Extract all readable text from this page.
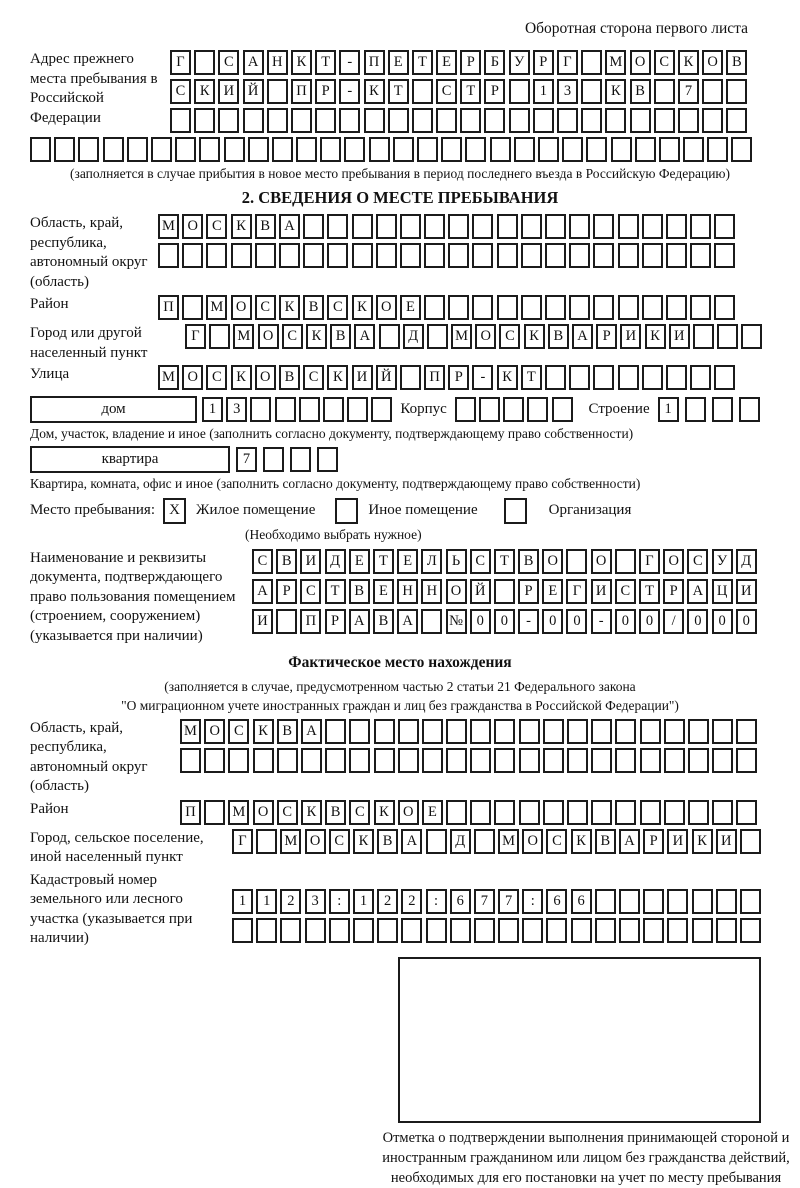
Оборотная сторона первого листа
Адрес прежнего места пребывания в Российской Федерации
Г	С А Н К	Т	-	П	Е	Т	Е	Р	Б	У	Р	Г	М О С	К О В
С	К И Й	П	Р	-	К	Т	С	Т	Р	1	3	К	В	7
(заполняется в случае прибытия в новое место пребывания в период последнего въезда в Российскую Федерацию)
2. СВЕДЕНИЯ О МЕСТЕ ПРЕБЫВАНИЯ
Область, край, республика, автономный округ (область)
М О С	К	В А
Район	П	М О С	К	В	С	К О	Е
Город или другой населенный пункт
Г	М О С	К	В А	Д	М О С	К	В А	Р	И К И
Улица	М О С	К О В	С	К И Й	П	Р	-	К	Т
дом	1	3	Корпус	Строение	1
Дом, участок, владение и иное (заполнить согласно документу, подтверждающему право собственности)
квартира	7
Квартира, комната, офис и иное (заполнить согласно документу, подтверждающему право собственности)
Место пребывания: X	Жилое помещение	Иное помещение	Организация
(Необходимо выбрать нужное)
Наименование и реквизиты документа, подтверждающего право пользования помещением (строением, сооружением) (указывается при наличии)
С	В И Д	Е	Т	Е	Л	Ь	С	Т	В О	О	Г	О С У Д
А	Р	С	Т	В	Е	Н Н О Й	Р	Е	Г	И С	Т	Р	А Ц И
И	П	Р	А В А	№ 0	0	-	0	0	-	0	0	/	0	0	0
Фактическое место нахождения
(заполняется в случае, предусмотренном частью 2 статьи 21 Федерального закона
"О миграционном учете иностранных граждан и лиц без гражданства в Российской Федерации")
Область, край, республика, автономный округ (область)
М О С	К	В А
Район	П	М О С	К	В	С	К О	Е
Город, сельское поселение, иной населенный пункт
Г	М О С	К	В А	Д	М О С	К	В А	Р	И К И
Кадастровый номер земельного или лесного участка (указывается при наличии)
1	1	2	3	:	1	2	2	:	6	7	7	:	6	6
Отметка о подтверждении выполнения принимающей стороной и иностранным гражданином или лицом без гражданства действий, необходимых для его постановки на учет по месту пребывания
